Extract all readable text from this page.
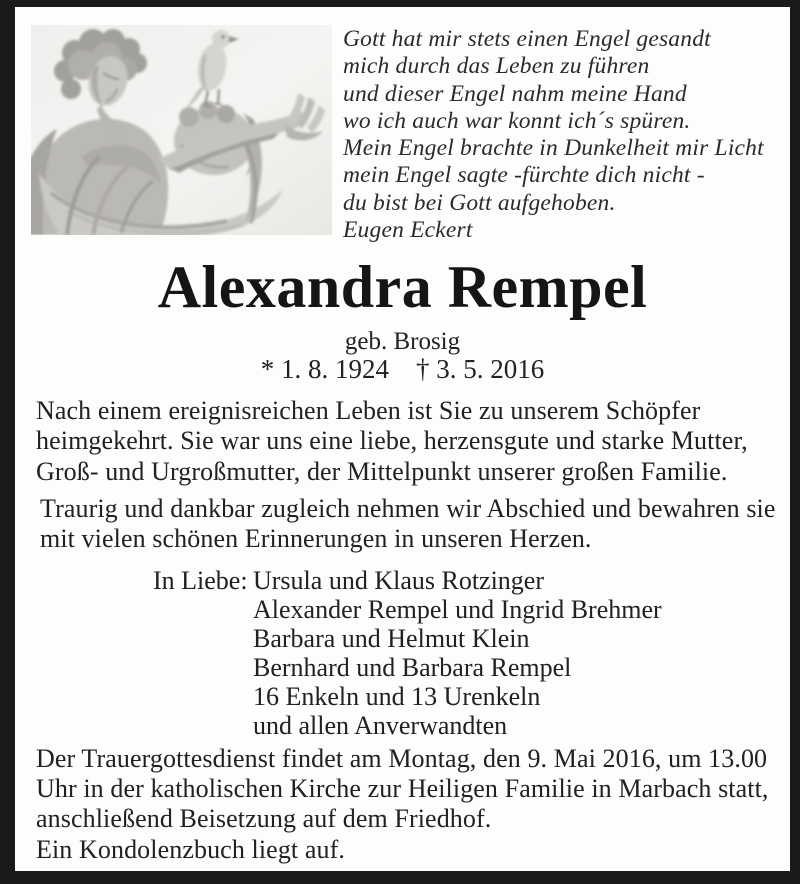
Gott hat mir stets einen Engel gesandt
mich durch das Leben zu führen
und dieser Engel nahm meine Hand
wo ich auch war konnt ich´s spüren.
Mein Engel brachte in Dunkelheit mir Licht
mein Engel sagte -fürchte dich nicht -
du bist bei Gott aufgehoben.
Eugen Eckert
Alexandra Rempel
geb. Brosig
* 1. 8. 1924    † 3. 5. 2016
Nach einem ereignisreichen Leben ist Sie zu unserem Schöpfer
heimgekehrt. Sie war uns eine liebe, herzensgute und starke Mutter,
Groß- und Urgroßmutter, der Mittelpunkt unserer großen Familie.
Traurig und dankbar zugleich nehmen wir Abschied und bewahren sie
mit vielen schönen Erinnerungen in unseren Herzen.
In Liebe: Ursula und Klaus Rotzinger
Alexander Rempel und Ingrid Brehmer
Barbara und Helmut Klein
Bernhard und Barbara Rempel
16 Enkeln und 13 Urenkeln
und allen Anverwandten
Der Trauergottesdienst findet am Montag, den 9. Mai 2016, um 13.00
Uhr in der katholischen Kirche zur Heiligen Familie in Marbach statt,
anschließend Beisetzung auf dem Friedhof.
Ein Kondolenzbuch liegt auf.
